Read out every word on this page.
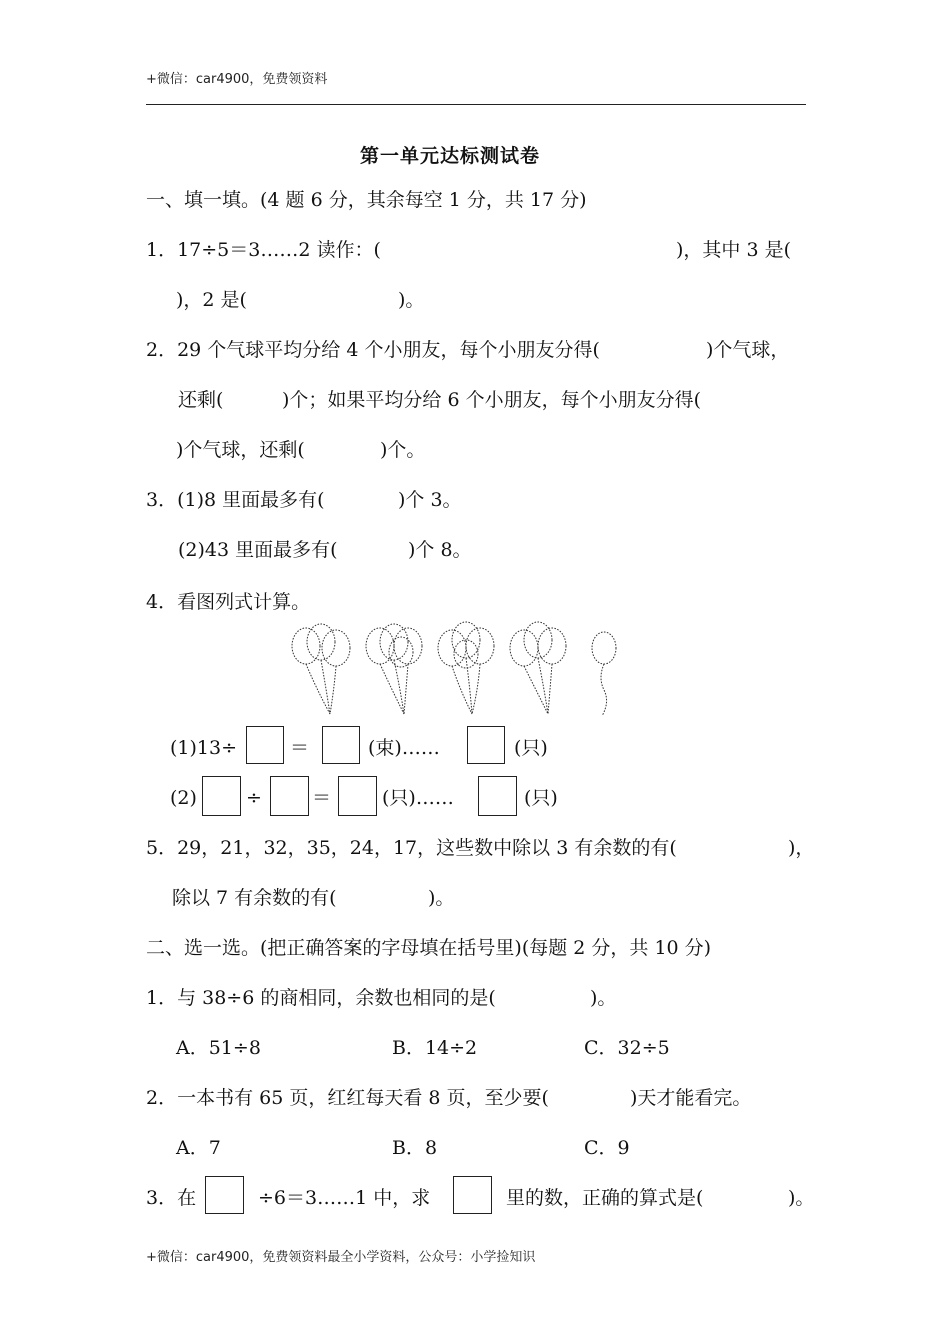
+微信：car4900，免费领资料
第一单元达标测试卷
一、填一填。(4 题 6 分，其余每空 1 分，共 17 分)
1．17÷5＝3……2 读作：(	)，其中 3 是(
)，2 是(	)。
2．29 个气球平均分给 4 个小朋友，每个小朋友分得(	)个气球，
还剩(	)个；如果平均分给 6 个小朋友，每个小朋友分得(
)个气球，还剩(	)个。
3．(1)8 里面最多有(	)个 3。
(2)43 里面最多有(	)个 8。
4．看图列式计算。
(1)13÷	＝	(束)……	(只)
(2)	÷	＝	(只)……	(只)
5．29，21，32，35，24，17，这些数中除以 3 有余数的有(	)，
除以 7 有余数的有(	)。
二、选一选。(把正确答案的字母填在括号里)(每题 2 分，共 10 分)
1．与 38÷6 的商相同，余数也相同的是(	)。
A．51÷8	B．14÷2	C．32÷5
2．一本书有 65 页，红红每天看 8 页，至少要(	)天才能看完。
A．7	B．8	C．9
3．在	÷6＝3……1 中，求	里的数，正确的算式是(	)。
+微信：car4900，免费领资料最全小学资料，公众号：小学捡知识
